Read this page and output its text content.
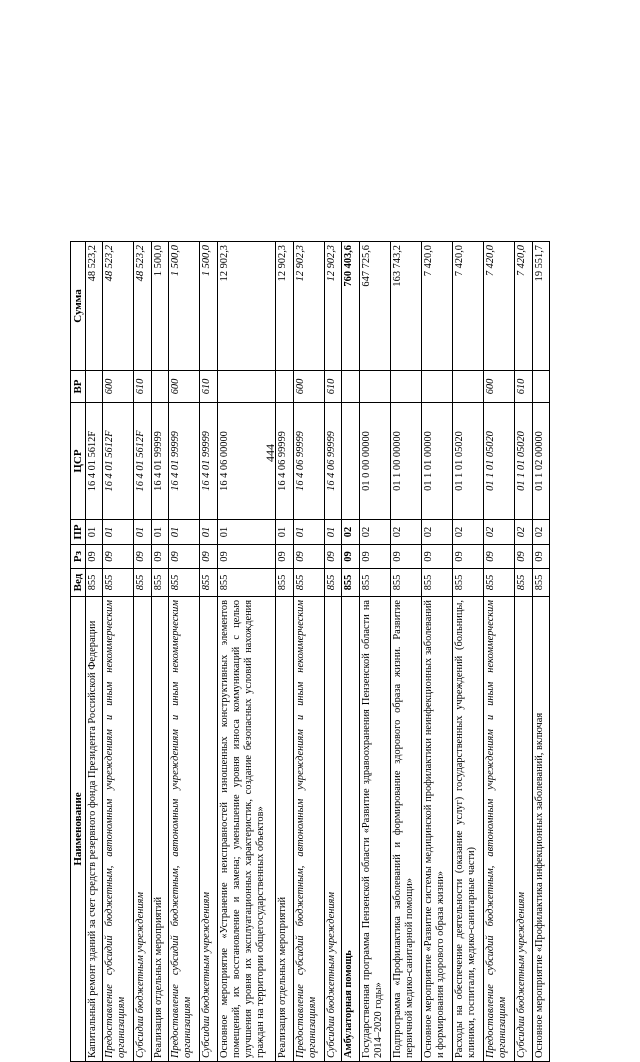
444
Наименование	Вед	Рз	ПР	ЦСР	ВР	Сумма
Капитальный ремонт зданий за счет средств резервного фонда Президента Российской Федерации	855	09	01	16 4 01 5612F		48 523,2
Предоставление субсидий бюджетным, автономным учреждениям и иным некоммерческим организациям	855	09	01	16 4 01 5612F	600	48 523,2
Субсидии бюджетным учреждениям	855	09	01	16 4 01 5612F	610	48 523,2
Реализация отдельных мероприятий	855	09	01	16 4 01 99999		1 500,0
Предоставление субсидий бюджетным, автономным учреждениям и иным некоммерческим организациям	855	09	01	16 4 01 99999	600	1 500,0
Субсидии бюджетным учреждениям	855	09	01	16 4 01 99999	610	1 500,0
Основное мероприятие «Устранение неисправностей изношенных конструктивных элементов помещений, их восстановление и замена; уменьшение уровня износа коммуникаций с целью улучшения уровня их эксплуатационных характеристик, создание безопасных условий нахождения граждан на территории общегосударственных объектов»	855	09	01	16 4 06 00000		12 902,3
Реализация отдельных мероприятий	855	09	01	16 4 06 99999		12 902,3
Предоставление субсидий бюджетным, автономным учреждениям и иным некоммерческим организациям	855	09	01	16 4 06 99999	600	12 902,3
Субсидии бюджетным учреждениям	855	09	01	16 4 06 99999	610	12 902,3
Амбулаторная помощь	855	09	02			760 403,6
Государственная программа Пензенской области «Развитие здравоохранения Пензенской области на 2014–2020 годы»	855	09	02	01 0 00 00000		647 725,6
Подпрограмма «Профилактика заболеваний и формирование здорового образа жизни. Развитие первичной медико-санитарной помощи»	855	09	02	01 1 00 00000		163 743,2
Основное мероприятие «Развитие системы медицинской профилактики неинфекционных заболеваний и формирования здорового образа жизни»	855	09	02	01 1 01 00000		7 420,0
Расходы на обеспечение деятельности (оказание услуг) государственных учреждений (больницы, клиники, госпитали, медико-санитарные части)	855	09	02	01 1 01 05020		7 420,0
Предоставление субсидий бюджетным, автономным учреждениям и иным некоммерческим организациям	855	09	02	01 1 01 05020	600	7 420,0
Субсидии бюджетным учреждениям	855	09	02	01 1 01 05020	610	7 420,0
Основное мероприятие «Профилактика инфекционных заболеваний, включая	855	09	02	01 1 02 00000		19 551,7
